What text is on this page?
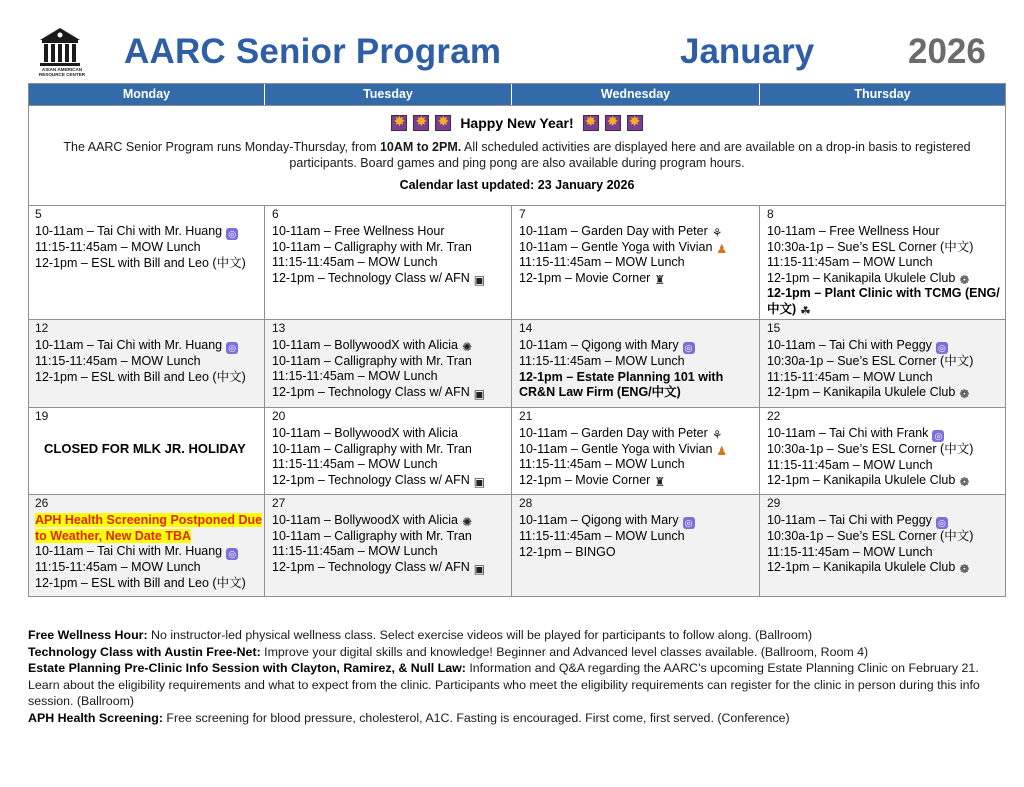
ASIAN AMERICAN RESOURCE CENTER
AARC Senior Program	January	2026
Monday	Tuesday	Wednesday	Thursday
✸
✸
✸
Happy New Year!
✸
✸
✸
The AARC Senior Program runs Monday-Thursday, from 10AM to 2PM. All scheduled activities are displayed here and are available on a drop-in basis to registered participants. Board games and ping pong are also available during program hours.
Calendar last updated: 23 January 2026
5
10-11am – Tai Chi with Mr. Huang ◎
11:15-11:45am – MOW Lunch
12-1pm – ESL with Bill and Leo (中文)
6
10-11am – Free Wellness Hour
10-11am – Calligraphy with Mr. Tran
11:15-11:45am – MOW Lunch
12-1pm – Technology Class w/ AFN ▣
7
10-11am – Garden Day with Peter ⚘
10-11am – Gentle Yoga with Vivian ♟
11:15-11:45am – MOW Lunch
12-1pm – Movie Corner ♜
8
10-11am – Free Wellness Hour
10:30a-1p – Sue’s ESL Corner (中文)
11:15-11:45am – MOW Lunch
12-1pm – Kanikapila Ukulele Club ❁
12-1pm – Plant Clinic with TCMG (ENG/中文) ☘
12
10-11am – Tai Chi with Mr. Huang ◎
11:15-11:45am – MOW Lunch
12-1pm – ESL with Bill and Leo (中文)
13
10-11am – BollywoodX with Alicia ✺
10-11am – Calligraphy with Mr. Tran
11:15-11:45am – MOW Lunch
12-1pm – Technology Class w/ AFN ▣
14
10-11am – Qigong with Mary ◎
11:15-11:45am – MOW Lunch
12-1pm – Estate Planning 101 with CR&N Law Firm (ENG/中文)
15
10-11am – Tai Chi with Peggy ◎
10:30a-1p – Sue’s ESL Corner (中文)
11:15-11:45am – MOW Lunch
12-1pm – Kanikapila Ukulele Club ❁
19
CLOSED FOR MLK JR. HOLIDAY
20
10-11am – BollywoodX with Alicia
10-11am – Calligraphy with Mr. Tran
11:15-11:45am – MOW Lunch
12-1pm – Technology Class w/ AFN ▣
21
10-11am – Garden Day with Peter ⚘
10-11am – Gentle Yoga with Vivian ♟
11:15-11:45am – MOW Lunch
12-1pm – Movie Corner ♜
22
10-11am – Tai Chi with Frank ◎
10:30a-1p – Sue’s ESL Corner (中文)
11:15-11:45am – MOW Lunch
12-1pm – Kanikapila Ukulele Club ❁
26
APH Health Screening Postponed Due to Weather, New Date TBA
10-11am – Tai Chi with Mr. Huang ◎
11:15-11:45am – MOW Lunch
12-1pm – ESL with Bill and Leo (中文)
27
10-11am – BollywoodX with Alicia ✺
10-11am – Calligraphy with Mr. Tran
11:15-11:45am – MOW Lunch
12-1pm – Technology Class w/ AFN ▣
28
10-11am – Qigong with Mary ◎
11:15-11:45am – MOW Lunch
12-1pm – BINGO
29
10-11am – Tai Chi with Peggy ◎
10:30a-1p – Sue’s ESL Corner (中文)
11:15-11:45am – MOW Lunch
12-1pm – Kanikapila Ukulele Club ❁
Free Wellness Hour: No instructor-led physical wellness class. Select exercise videos will be played for participants to follow along. (Ballroom)
Technology Class with Austin Free-Net: Improve your digital skills and knowledge! Beginner and Advanced level classes available. (Ballroom, Room 4)
Estate Planning Pre-Clinic Info Session with Clayton, Ramirez, & Null Law: Information and Q&A regarding the AARC’s upcoming Estate Planning Clinic on February 21. Learn about the eligibility requirements and what to expect from the clinic. Participants who meet the eligibility requirements can register for the clinic in person during this info session. (Ballroom)
APH Health Screening: Free screening for blood pressure, cholesterol, A1C. Fasting is encouraged. First come, first served. (Conference)
